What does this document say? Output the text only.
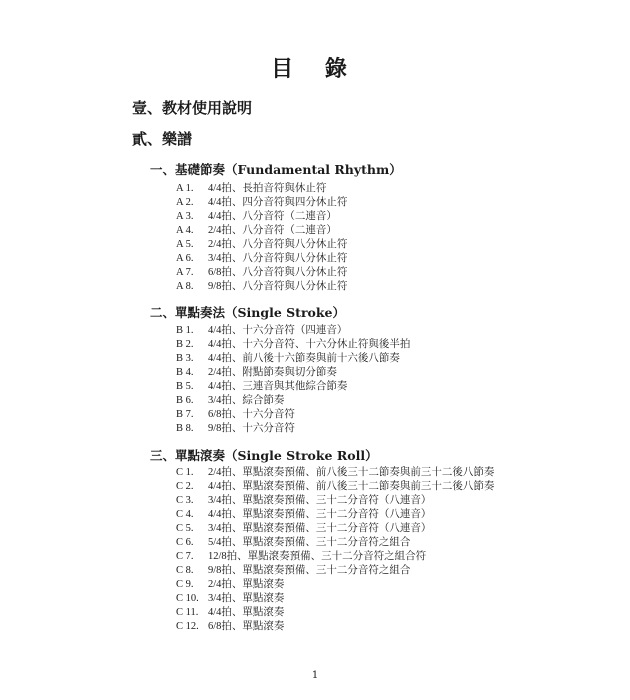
目 錄
壹、教材使用說明
貳、樂譜
一、基礎節奏（Fundamental Rhythm）
A 1. 4/4拍、長拍音符與休止符
A 2. 4/4拍、四分音符與四分休止符
A 3. 4/4拍、八分音符（二連音）
A 4. 2/4拍、八分音符（二連音）
A 5. 2/4拍、八分音符與八分休止符
A 6. 3/4拍、八分音符與八分休止符
A 7. 6/8拍、八分音符與八分休止符
A 8. 9/8拍、八分音符與八分休止符
二、單點奏法（Single Stroke）
B 1. 4/4拍、十六分音符（四連音）
B 2. 4/4拍、十六分音符、十六分休止符與後半拍
B 3. 4/4拍、前八後十六節奏與前十六後八節奏
B 4. 2/4拍、附點節奏與切分節奏
B 5. 4/4拍、三連音與其他綜合節奏
B 6. 3/4拍、綜合節奏
B 7. 6/8拍、十六分音符
B 8. 9/8拍、十六分音符
三、單點滾奏（Single Stroke Roll）
C 1. 2/4拍、單點滾奏預備、前八後三十二節奏與前三十二後八節奏
C 2. 4/4拍、單點滾奏預備、前八後三十二節奏與前三十二後八節奏
C 3. 3/4拍、單點滾奏預備、三十二分音符（八連音）
C 4. 4/4拍、單點滾奏預備、三十二分音符（八連音）
C 5. 3/4拍、單點滾奏預備、三十二分音符（八連音）
C 6. 5/4拍、單點滾奏預備、三十二分音符之組合
C 7. 12/8拍、單點滾奏預備、三十二分音符之組合符
C 8. 9/8拍、單點滾奏預備、三十二分音符之組合
C 9. 2/4拍、單點滾奏
C 10. 3/4拍、單點滾奏
C 11. 4/4拍、單點滾奏
C 12. 6/8拍、單點滾奏
1
